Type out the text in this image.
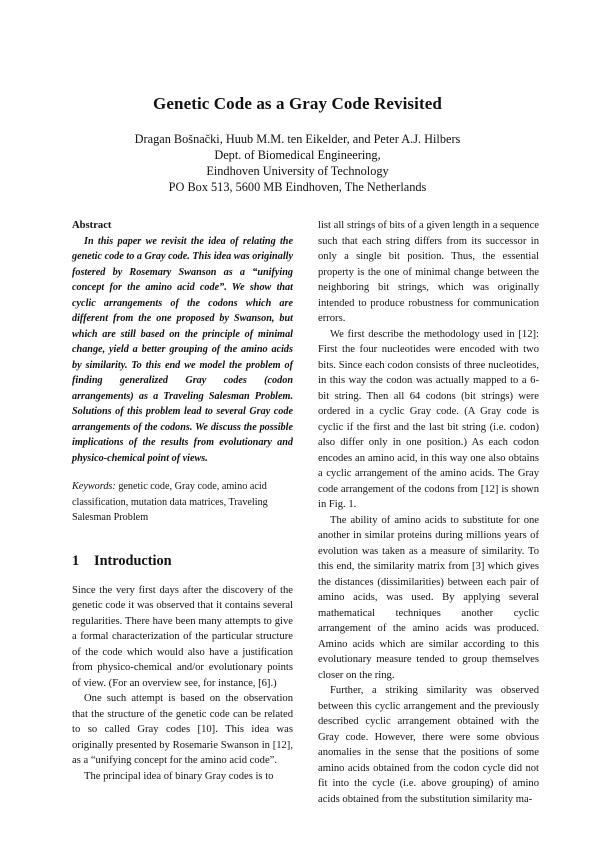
Genetic Code as a Gray Code Revisited
Dragan Bošnački, Huub M.M. ten Eikelder, and Peter A.J. Hilbers
Dept. of Biomedical Engineering,
Eindhoven University of Technology
PO Box 513, 5600 MB Eindhoven, The Netherlands

Abstract

In this paper we revisit the idea of relating the genetic code to a Gray code. This idea was originally fostered by Rosemary Swanson as a “unifying concept for the amino acid code”. We show that cyclic arrangements of the codons which are different from the one proposed by Swanson, but which are still based on the principle of minimal change, yield a better grouping of the amino acids by similarity. To this end we model the problem of finding generalized Gray codes (codon arrangements) as a Traveling Salesman Problem. Solutions of this problem lead to several Gray code arrangements of the codons. We discuss the possible implications of the results from evolutionary and physico-chemical point of views.

Keywords: genetic code, Gray code, amino acid classification, mutation data matrices, Traveling Salesman Problem

1 Introduction

Since the very first days after the discovery of the genetic code it was observed that it contains several regularities. There have been many attempts to give a formal characterization of the particular structure of the code which would also have a justification from physico-chemical and/or evolutionary points of view. (For an overview see, for instance, [6].)

One such attempt is based on the observation that the structure of the genetic code can be related to so called Gray codes [10]. This idea was originally presented by Rosemarie Swanson in [12], as a “unifying concept for the amino acid code”.

The principal idea of binary Gray codes is to

list all strings of bits of a given length in a sequence such that each string differs from its successor in only a single bit position. Thus, the essential property is the one of minimal change between the neighboring bit strings, which was originally intended to produce robustness for communication errors.

We first describe the methodology used in [12]: First the four nucleotides were encoded with two bits. Since each codon consists of three nucleotides, in this way the codon was actually mapped to a 6-bit string. Then all 64 codons (bit strings) were ordered in a cyclic Gray code. (A Gray code is cyclic if the first and the last bit string (i.e. codon) also differ only in one position.) As each codon encodes an amino acid, in this way one also obtains a cyclic arrangement of the amino acids. The Gray code arrangement of the codons from [12] is shown in Fig. 1.

The ability of amino acids to substitute for one another in similar proteins during millions years of evolution was taken as a measure of similarity. To this end, the similarity matrix from [3] which gives the distances (dissimilarities) between each pair of amino acids, was used. By applying several mathematical techniques another cyclic arrangement of the amino acids was produced. Amino acids which are similar according to this evolutionary measure tended to group themselves closer on the ring.

Further, a striking similarity was observed between this cyclic arrangement and the previously described cyclic arrangement obtained with the Gray code. However, there were some obvious anomalies in the sense that the positions of some amino acids obtained from the codon cycle did not fit into the cycle (i.e. above grouping) of amino acids obtained from the substitution similarity ma-
